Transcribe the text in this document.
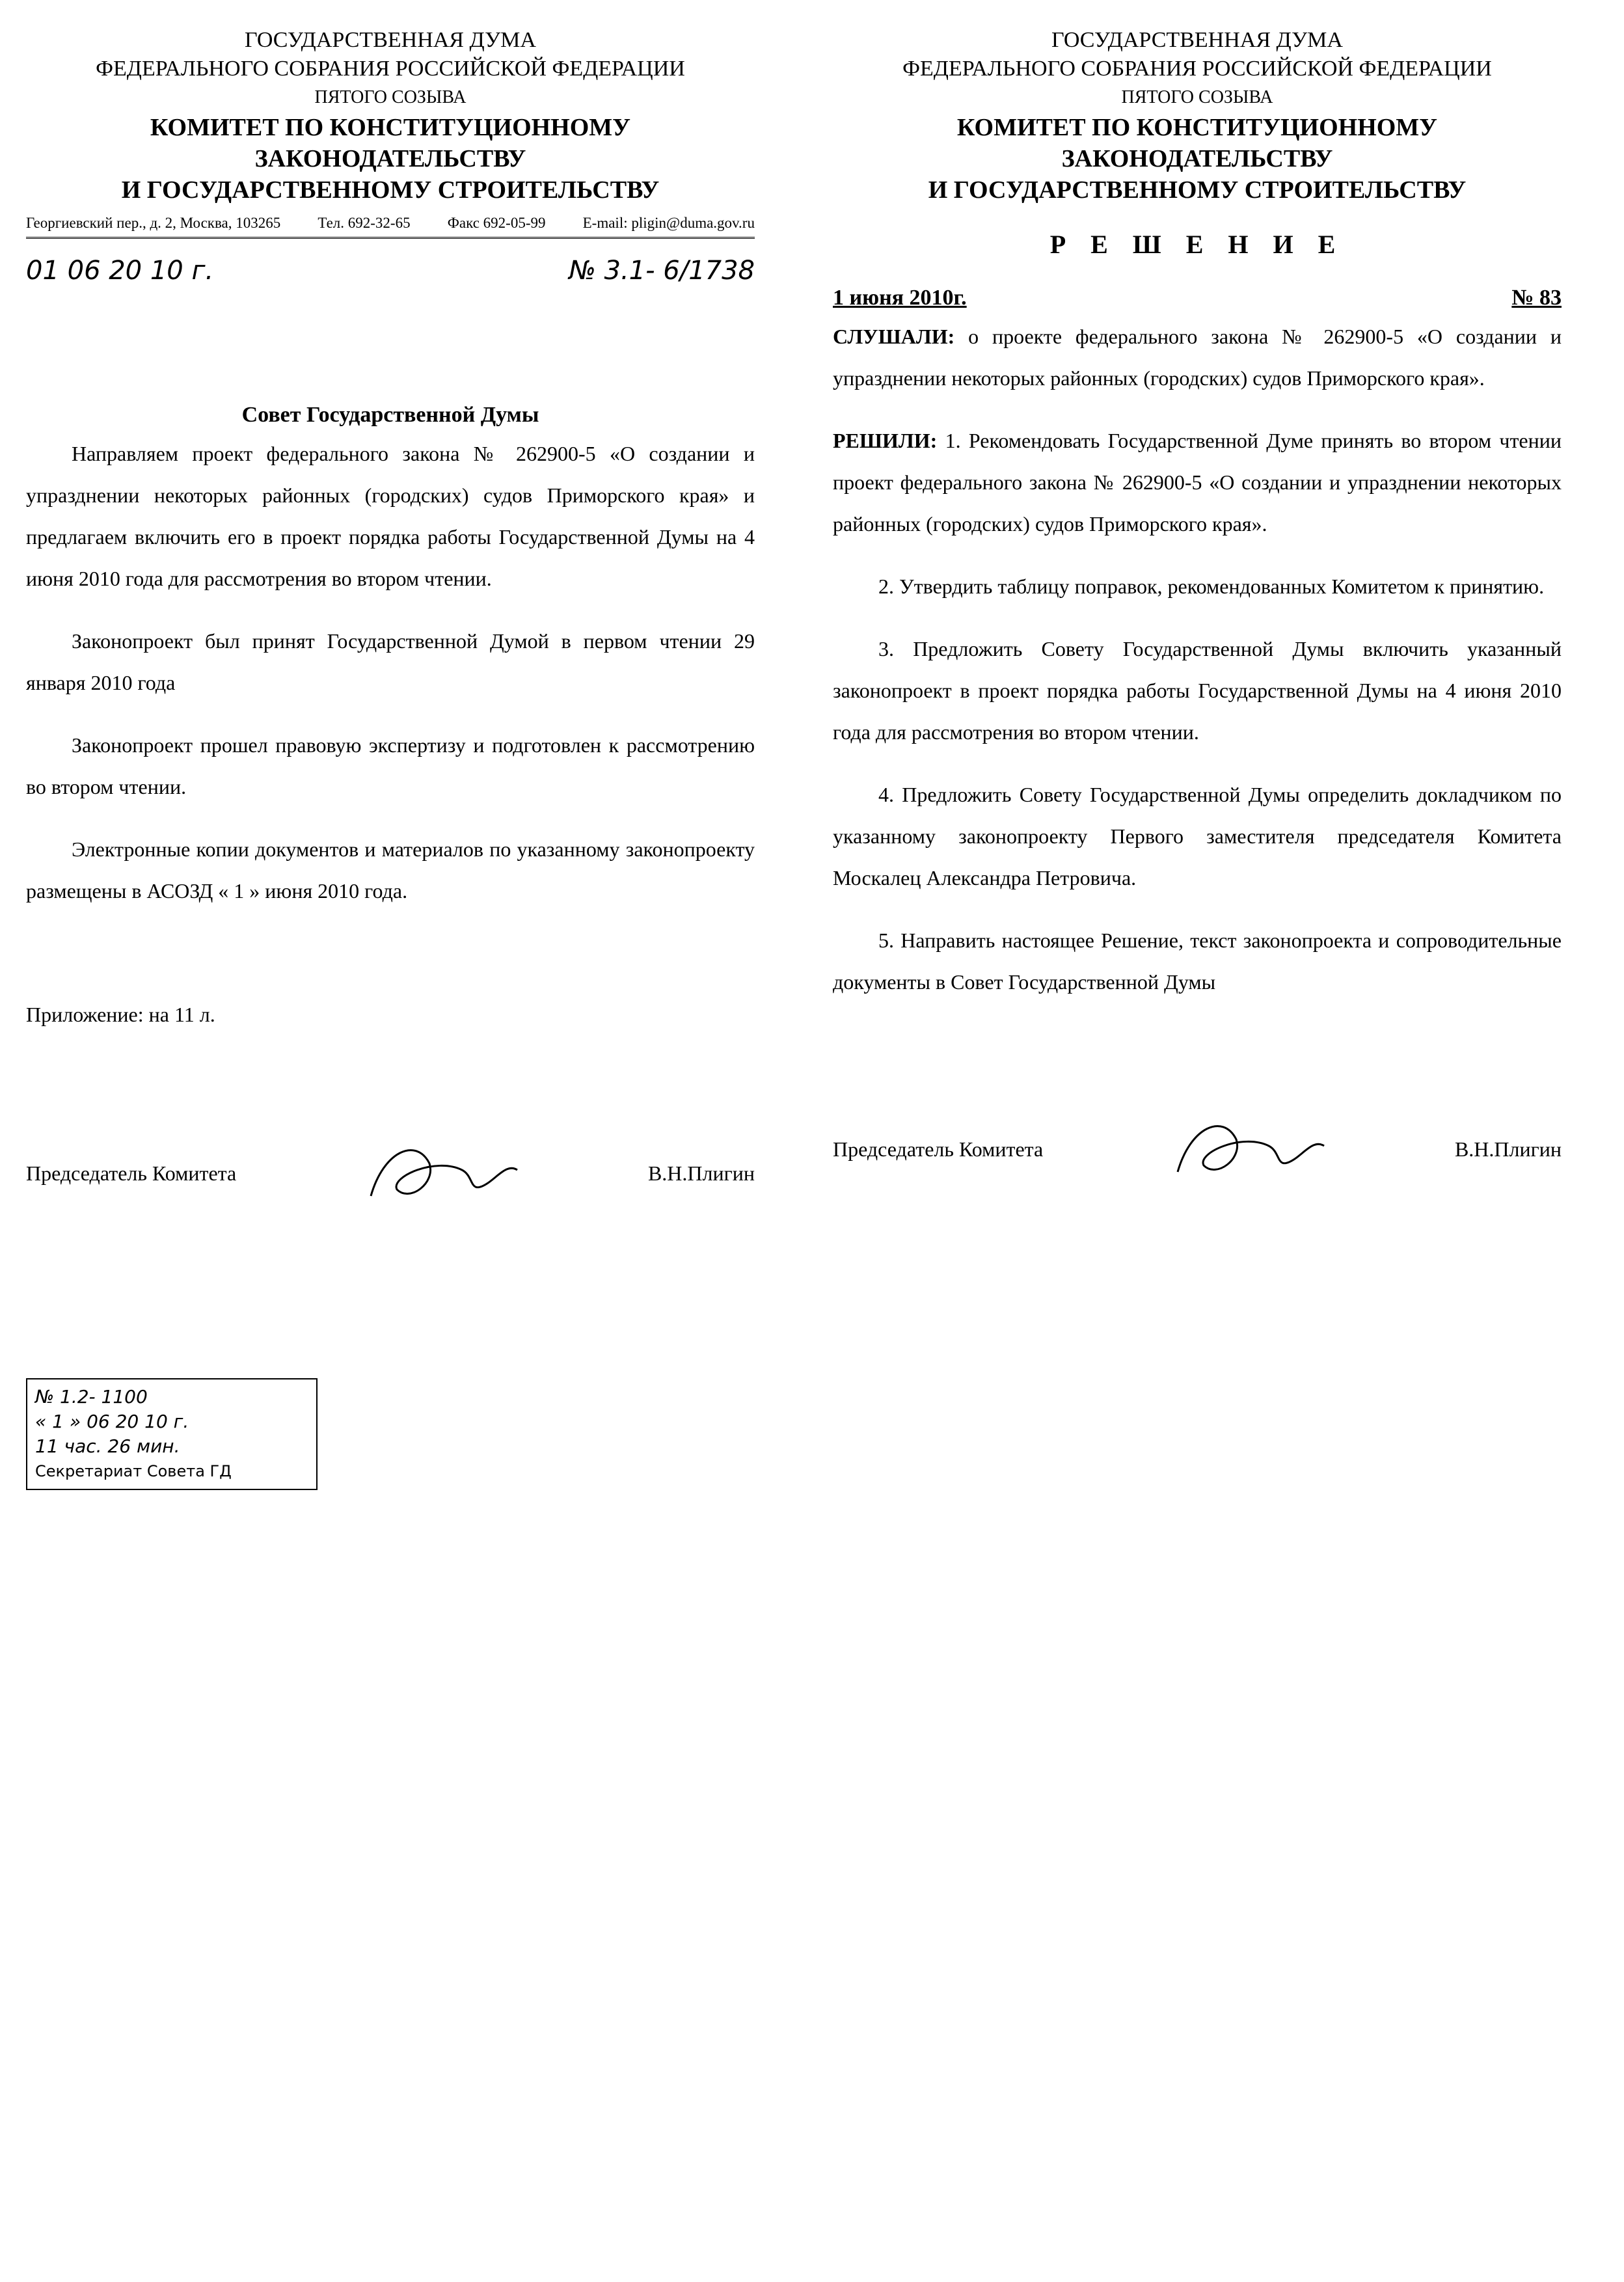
ГОСУДАРСТВЕННАЯ ДУМА
ФЕДЕРАЛЬНОГО СОБРАНИЯ РОССИЙСКОЙ ФЕДЕРАЦИИ
ПЯТОГО СОЗЫВА
КОМИТЕТ ПО КОНСТИТУЦИОННОМУ ЗАКОНОДАТЕЛЬСТВУ
И ГОСУДАРСТВЕННОМУ СТРОИТЕЛЬСТВУ
Георгиевский пер., д. 2, Москва, 103265 Тел. 692-32-65 Факс 692-05-99 E-mail: pligin@duma.gov.ru
01 06 20 10 г.	№ 3.1- 6/1738
Совет Государственной Думы

Направляем проект федерального закона № 262900-5 «О создании и упразднении некоторых районных (городских) судов Приморского края» и предлагаем включить его в проект порядка работы Государственной Думы на 4 июня 2010 года для рассмотрения во втором чтении.

Законопроект был принят Государственной Думой в первом чтении 29 января 2010 года

Законопроект прошел правовую экспертизу и подготовлен к рассмотрению во втором чтении.

Электронные копии документов и материалов по указанному законопроекту размещены в АСОЗД « 1 » июня 2010 года.

Приложение: на 11 л.
Председатель Комитета	В.Н.Плигин
№ 1.2- 1100
« 1 » 06 20 10 г.
11 час. 26 мин.
Секретариат Совета ГД
ГОСУДАРСТВЕННАЯ ДУМА
ФЕДЕРАЛЬНОГО СОБРАНИЯ РОССИЙСКОЙ ФЕДЕРАЦИИ
ПЯТОГО СОЗЫВА
КОМИТЕТ ПО КОНСТИТУЦИОННОМУ ЗАКОНОДАТЕЛЬСТВУ
И ГОСУДАРСТВЕННОМУ СТРОИТЕЛЬСТВУ
Р Е Ш Е Н И Е
1 июня 2010г.	№ 83

СЛУШАЛИ: о проекте федерального закона № 262900-5 «О создании и упразднении некоторых районных (городских) судов Приморского края».

РЕШИЛИ: 1. Рекомендовать Государственной Думе принять во втором чтении проект федерального закона № 262900-5 «О создании и упразднении некоторых районных (городских) судов Приморского края».

2. Утвердить таблицу поправок, рекомендованных Комитетом к принятию.

3. Предложить Совету Государственной Думы включить указанный законопроект в проект порядка работы Государственной Думы на 4 июня 2010 года для рассмотрения во втором чтении.

4. Предложить Совету Государственной Думы определить докладчиком по указанному законопроекту Первого заместителя председателя Комитета Москалец Александра Петровича.

5. Направить настоящее Решение, текст законопроекта и сопроводительные документы в Совет Государственной Думы

Председатель Комитета	В.Н.Плигин
